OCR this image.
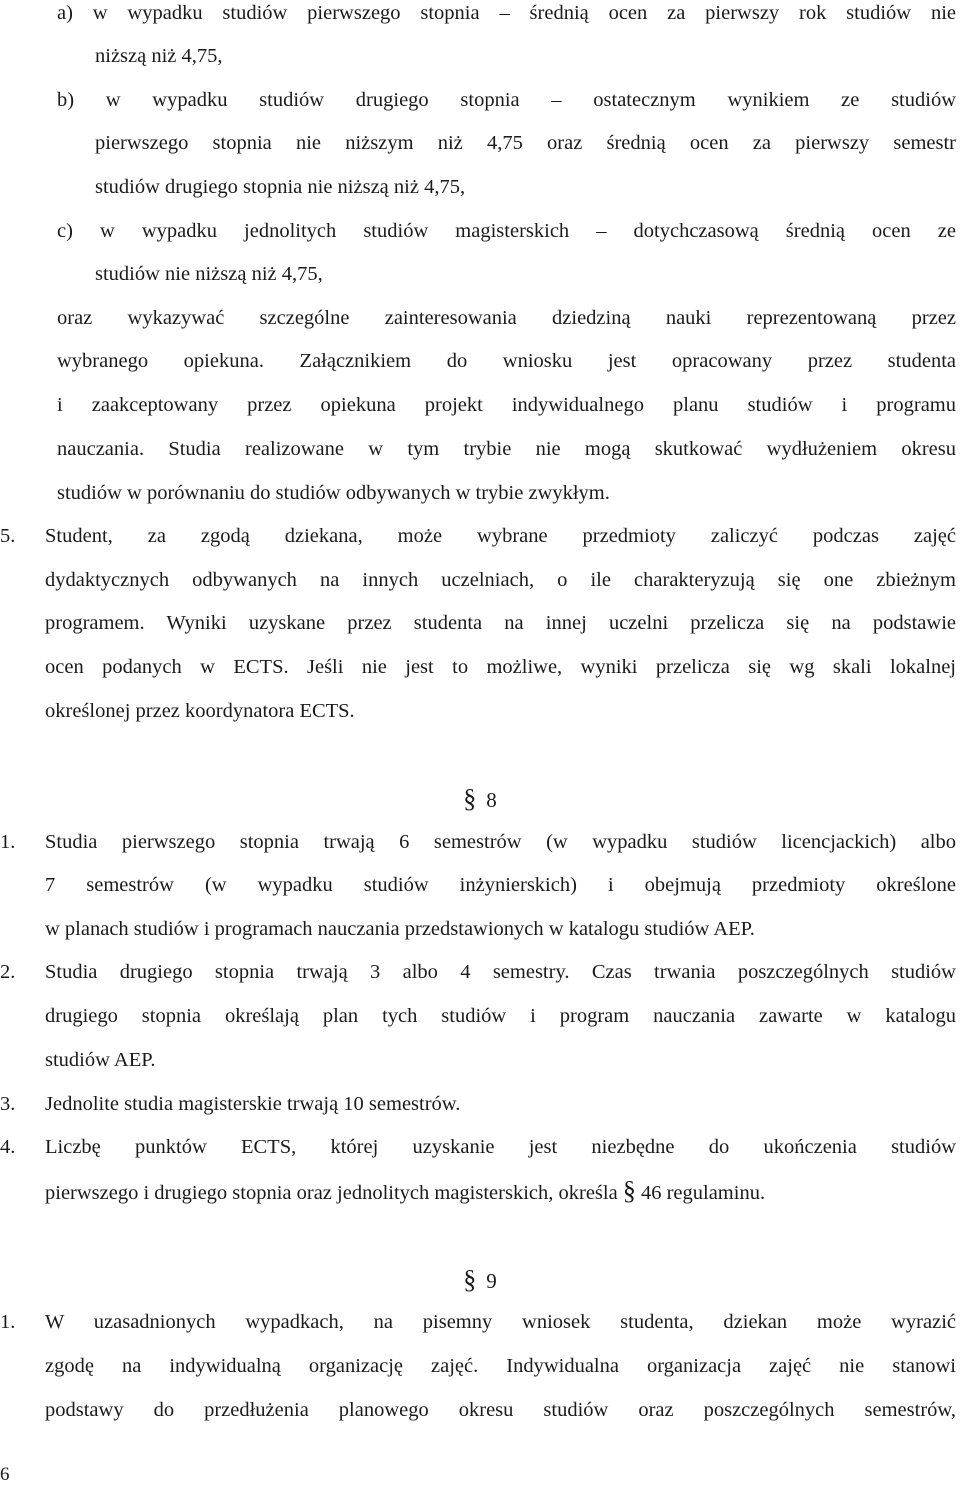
a) w wypadku studiów pierwszego stopnia – średnią ocen za pierwszy rok studiów nie
niższą niż 4,75,
b) w wypadku studiów drugiego stopnia – ostatecznym wynikiem ze studiów
pierwszego stopnia nie niższym niż 4,75 oraz średnią ocen za pierwszy semestr
studiów drugiego stopnia nie niższą niż 4,75,
c) w wypadku jednolitych studiów magisterskich – dotychczasową średnią ocen ze
studiów nie niższą niż 4,75,
oraz wykazywać szczególne zainteresowania dziedziną nauki reprezentowaną przez
wybranego opiekuna. Załącznikiem do wniosku jest opracowany przez studenta
i zaakceptowany przez opiekuna projekt indywidualnego planu studiów i programu
nauczania. Studia realizowane w tym trybie nie mogą skutkować wydłużeniem okresu
studiów w porównaniu do studiów odbywanych w trybie zwykłym.
5. Student, za zgodą dziekana, może wybrane przedmioty zaliczyć podczas zajęć
dydaktycznych odbywanych na innych uczelniach, o ile charakteryzują się one zbieżnym
programem. Wyniki uzyskane przez studenta na innej uczelni przelicza się na podstawie
ocen podanych w ECTS. Jeśli nie jest to możliwe, wyniki przelicza się wg skali lokalnej
określonej przez koordynatora ECTS.
§ 8
1. Studia pierwszego stopnia trwają 6 semestrów (w wypadku studiów licencjackich) albo
7 semestrów (w wypadku studiów inżynierskich) i obejmują przedmioty określone
w planach studiów i programach nauczania przedstawionych w katalogu studiów AEP.
2. Studia drugiego stopnia trwają 3 albo 4 semestry. Czas trwania poszczególnych studiów
drugiego stopnia określają plan tych studiów i program nauczania zawarte w katalogu
studiów AEP.
3. Jednolite studia magisterskie trwają 10 semestrów.
4. Liczbę punktów ECTS, której uzyskanie jest niezbędne do ukończenia studiów
pierwszego i drugiego stopnia oraz jednolitych magisterskich, określa § 46 regulaminu.
§ 9
1. W uzasadnionych wypadkach, na pisemny wniosek studenta, dziekan może wyrazić
zgodę na indywidualną organizację zajęć. Indywidualna organizacja zajęć nie stanowi
podstawy do przedłużenia planowego okresu studiów oraz poszczególnych semestrów,
6
